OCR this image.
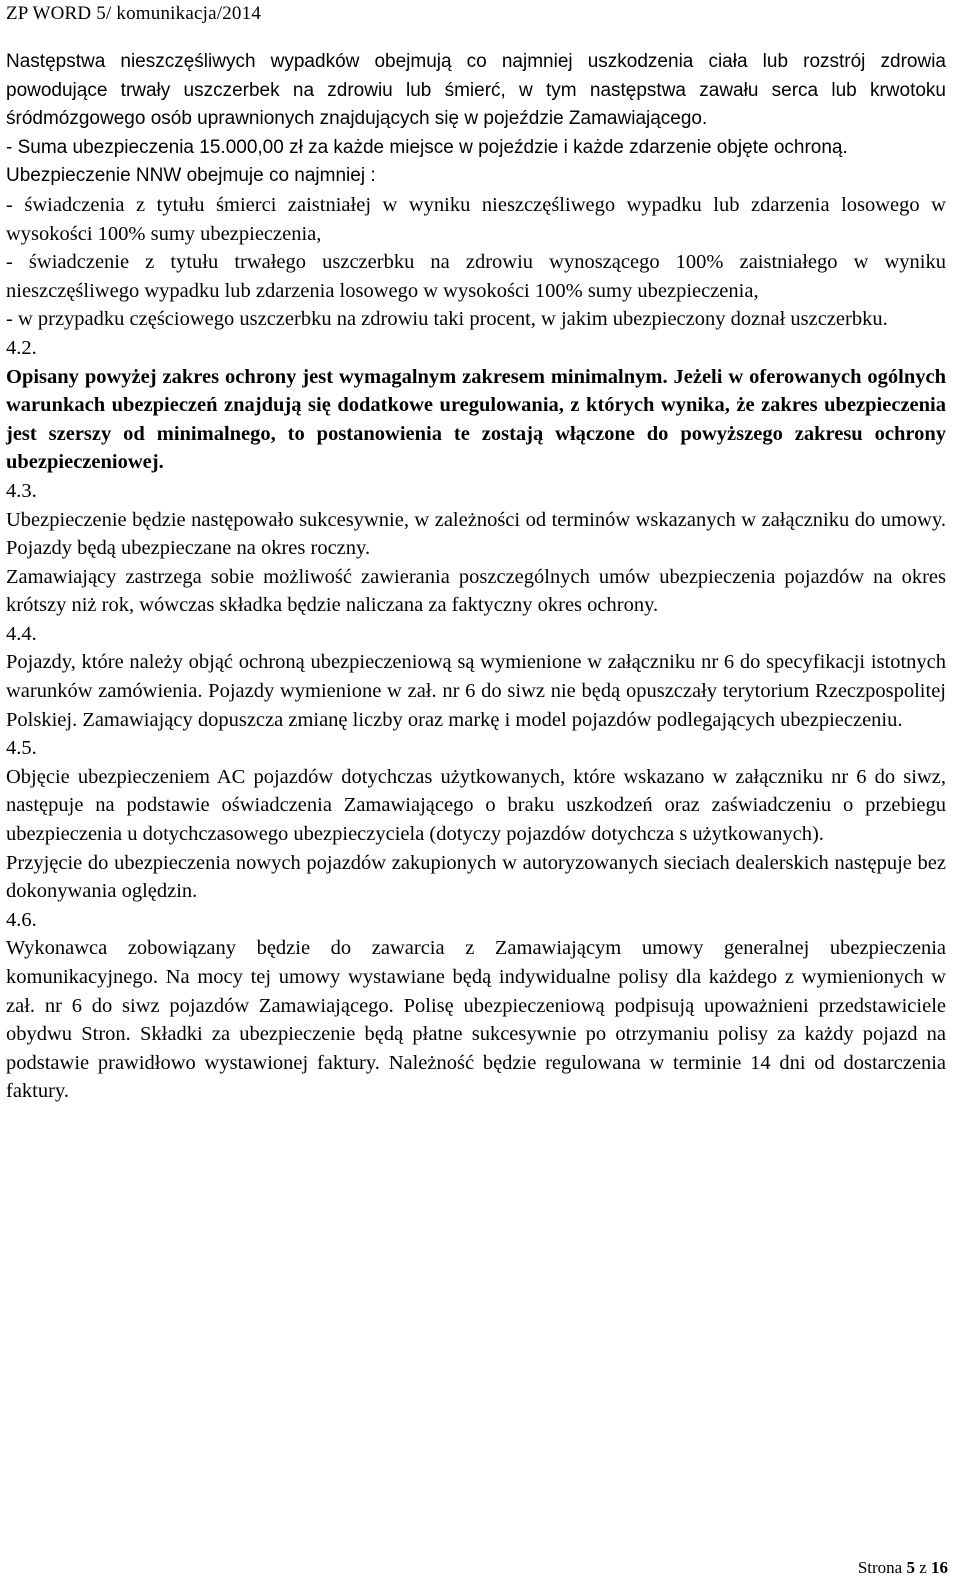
ZP WORD 5/ komunikacja/2014

Następstwa nieszczęśliwych wypadków obejmują co najmniej uszkodzenia ciała lub rozstrój zdrowia powodujące trwały uszczerbek na zdrowiu lub śmierć, w tym następstwa zawału serca lub krwotoku śródmózgowego osób uprawnionych znajdujących się w pojeździe Zamawiającego.

- Suma ubezpieczenia 15.000,00 zł za każde miejsce w pojeździe i każde zdarzenie objęte ochroną.

Ubezpieczenie NNW obejmuje co najmniej :

- świadczenia z tytułu śmierci zaistniałej w wyniku nieszczęśliwego wypadku lub zdarzenia losowego w wysokości 100% sumy ubezpieczenia,

- świadczenie z tytułu trwałego uszczerbku na zdrowiu wynoszącego 100% zaistniałego w wyniku nieszczęśliwego wypadku lub zdarzenia losowego w wysokości 100% sumy ubezpieczenia,

- w przypadku częściowego uszczerbku na zdrowiu taki procent, w jakim ubezpieczony doznał uszczerbku.

4.2.

Opisany powyżej zakres ochrony jest wymagalnym zakresem minimalnym. Jeżeli w oferowanych ogólnych warunkach ubezpieczeń znajdują się dodatkowe uregulowania, z których wynika, że zakres ubezpieczenia jest szerszy od minimalnego, to postanowienia te zostają włączone do powyższego zakresu ochrony ubezpieczeniowej.

4.3.

Ubezpieczenie będzie następowało sukcesywnie, w zależności od terminów wskazanych w załączniku do umowy. Pojazdy będą ubezpieczane na okres roczny.

Zamawiający zastrzega sobie możliwość zawierania poszczególnych umów ubezpieczenia pojazdów na okres krótszy niż rok, wówczas składka będzie naliczana za faktyczny okres ochrony.

4.4.

Pojazdy, które należy objąć ochroną ubezpieczeniową są wymienione w załączniku nr 6 do specyfikacji istotnych warunków zamówienia. Pojazdy wymienione w zał. nr 6 do siwz nie będą opuszczały terytorium Rzeczpospolitej Polskiej. Zamawiający dopuszcza zmianę liczby oraz markę i model pojazdów podlegających ubezpieczeniu.

4.5.

Objęcie ubezpieczeniem AC pojazdów dotychczas użytkowanych, które wskazano w załączniku nr 6 do siwz, następuje na podstawie oświadczenia Zamawiającego o braku uszkodzeń oraz zaświadczeniu o przebiegu ubezpieczenia u dotychczasowego ubezpieczyciela (dotyczy pojazdów dotychcza s użytkowanych).

Przyjęcie do ubezpieczenia nowych pojazdów zakupionych w autoryzowanych sieciach dealerskich następuje bez dokonywania oględzin.

4.6.

Wykonawca zobowiązany będzie do zawarcia z Zamawiającym umowy generalnej ubezpieczenia komunikacyjnego. Na mocy tej umowy wystawiane będą indywidualne polisy dla każdego z wymienionych w zał. nr 6 do siwz pojazdów Zamawiającego. Polisę ubezpieczeniową podpisują upoważnieni przedstawiciele obydwu Stron. Składki za ubezpieczenie będą płatne sukcesywnie po otrzymaniu polisy za każdy pojazd na podstawie prawidłowo wystawionej faktury. Należność będzie regulowana w terminie 14 dni od dostarczenia faktury.

Strona 5 z 16
